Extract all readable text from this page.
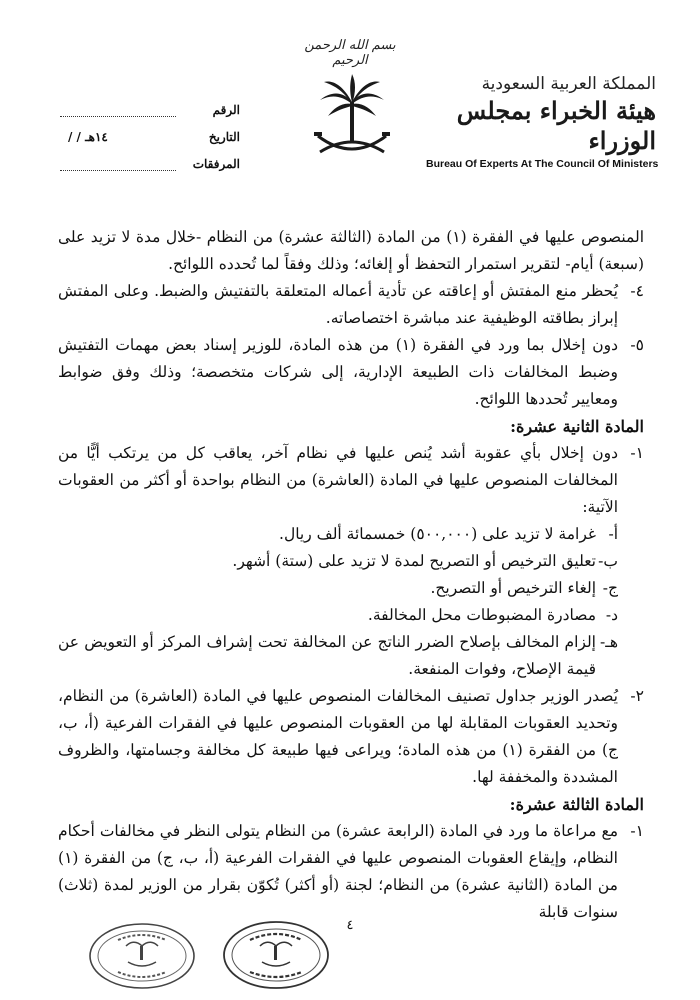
بسم الله الرحمن الرحيم
المملكة العربية السعودية
هيئة الخبراء بمجلس الوزراء
Bureau Of Experts At The Council Of Ministers
الرقم
التاريخ
/ / ١٤هـ
المرفقات

المنصوص عليها في الفقرة (١) من المادة (الثالثة عشرة) من النظام -خلال مدة لا تزيد على (سبعة) أيام- لتقرير استمرار التحفظ أو إلغائه؛ وذلك وفقاً لما تُحدده اللوائح.

٤-
يُحظر منع المفتش أو إعاقته عن تأدية أعماله المتعلقة بالتفتيش والضبط. وعلى المفتش إبراز بطاقته الوظيفية عند مباشرة اختصاصاته.
٥-
دون إخلال بما ورد في الفقرة (١) من هذه المادة، للوزير إسناد بعض مهمات التفتيش وضبط المخالفات ذات الطبيعة الإدارية، إلى شركات متخصصة؛ وذلك وفق ضوابط ومعايير تُحددها اللوائح.

المادة الثانية عشرة:

١-
دون إخلال بأي عقوبة أشد يُنص عليها في نظام آخر، يعاقب كل من يرتكب أيًّا من المخالفات المنصوص عليها في المادة (العاشرة) من النظام بواحدة أو أكثر من العقوبات الآتية:
أ-
غرامة لا تزيد على (٥٠٠,٠٠٠) خمسمائة ألف ريال.
ب-
تعليق الترخيص أو التصريح لمدة لا تزيد على (ستة) أشهر.
ج-
إلغاء الترخيص أو التصريح.
د-
مصادرة المضبوطات محل المخالفة.
هـ-
إلزام المخالف بإصلاح الضرر الناتج عن المخالفة تحت إشراف المركز أو التعويض عن قيمة الإصلاح، وفوات المنفعة.
٢-
يُصدر الوزير جداول تصنيف المخالفات المنصوص عليها في المادة (العاشرة) من النظام، وتحديد العقوبات المقابلة لها من العقوبات المنصوص عليها في الفقرات الفرعية (أ، ب، ج) من الفقرة (١) من هذه المادة؛ ويراعى فيها طبيعة كل مخالفة وجسامتها، والظروف المشددة والمخففة لها.

المادة الثالثة عشرة:

١-
مع مراعاة ما ورد في المادة (الرابعة عشرة) من النظام يتولى النظر في مخالفات أحكام النظام، وإيقاع العقوبات المنصوص عليها في الفقرات الفرعية (أ، ب، ج) من الفقرة (١) من المادة (الثانية عشرة) من النظام؛ لجنة (أو أكثر) تُكوّن بقرار من الوزير لمدة (ثلاث) سنوات قابلة
٤
